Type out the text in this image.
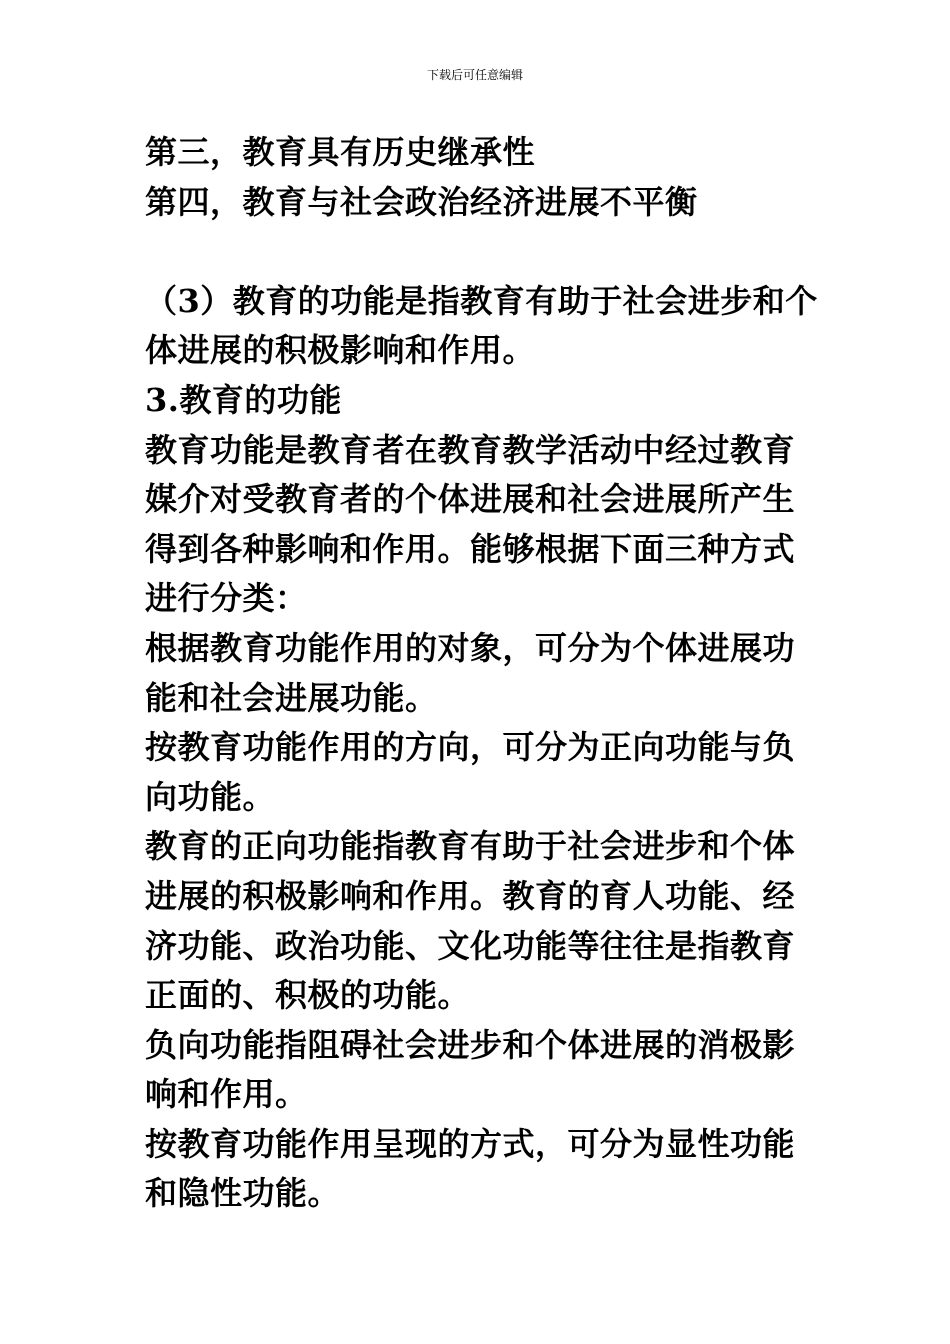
下载后可任意编辑

第三，教育具有历史继承性

第四，教育与社会政治经济进展不平衡

（3）教育的功能是指教育有助于社会进步和个体进展的积极影响和作用。

3.教育的功能

教育功能是教育者在教育教学活动中经过教育媒介对受教育者的个体进展和社会进展所产生得到各种影响和作用。能够根据下面三种方式进行分类：

根据教育功能作用的对象，可分为个体进展功能和社会进展功能。

按教育功能作用的方向，可分为正向功能与负向功能。

教育的正向功能指教育有助于社会进步和个体进展的积极影响和作用。教育的育人功能、经济功能、政治功能、文化功能等往往是指教育正面的、积极的功能。

负向功能指阻碍社会进步和个体进展的消极影响和作用。

按教育功能作用呈现的方式，可分为显性功能和隐性功能。
